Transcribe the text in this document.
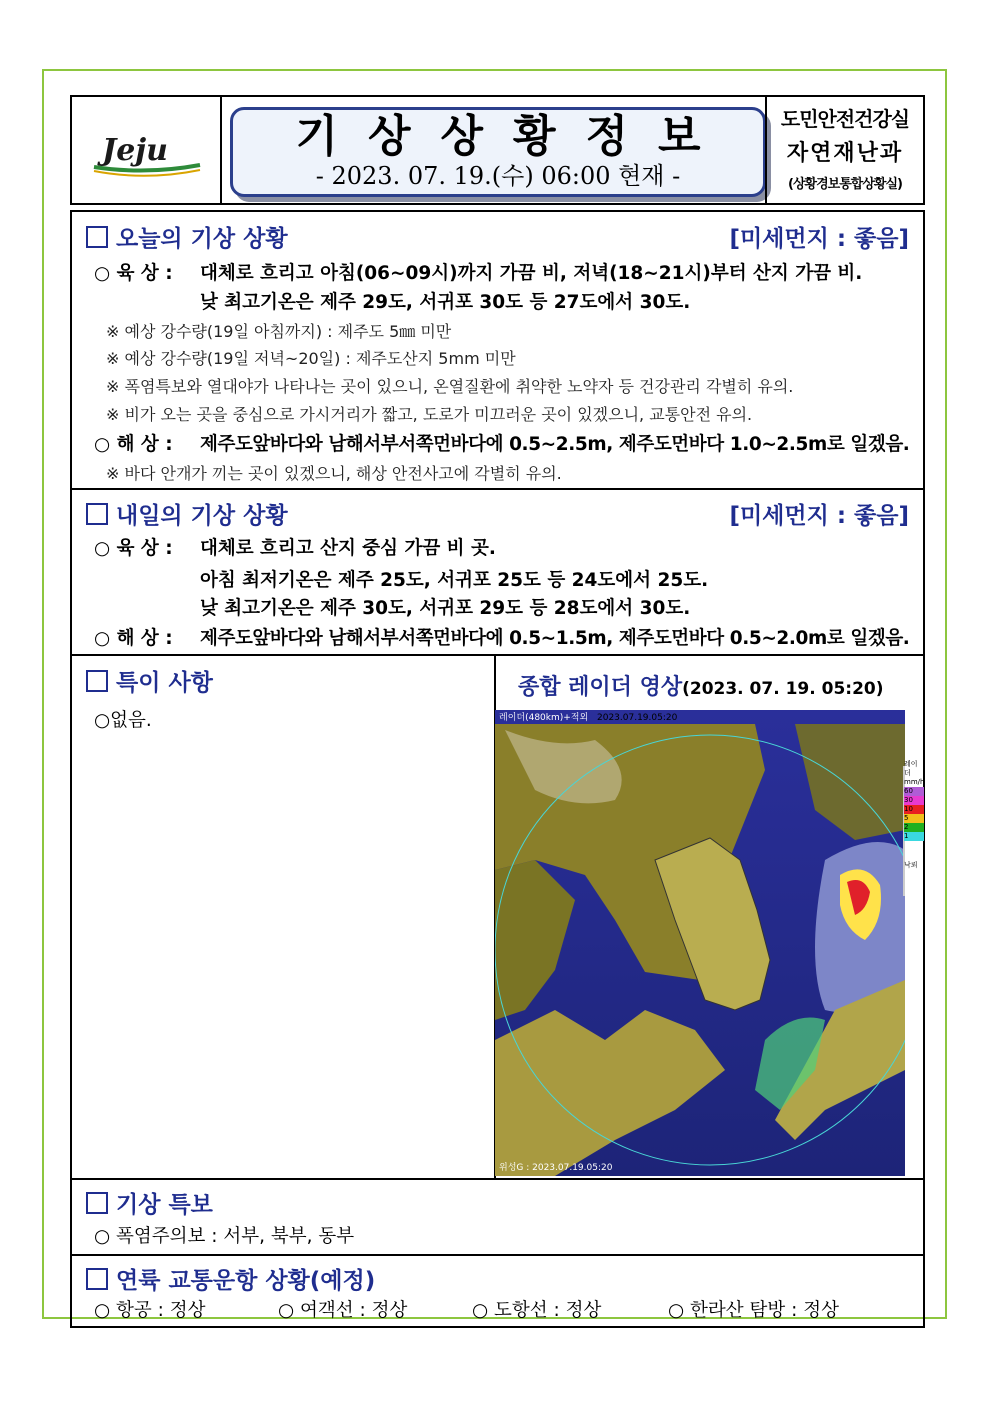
Jeju	기상상황정보
- 2023. 07. 19.(수) 06:00 현재 -
도민안전건강실
자연재난과
(상황경보통합상황실)
오늘의 기상 상황	[미세먼지 : 좋음]
○ 육 상 : 대체로 흐리고 아침(06~09시)까지 가끔 비, 저녁(18~21시)부터 산지 가끔 비.
낮 최고기온은 제주 29도, 서귀포 30도 등 27도에서 30도.
※ 예상 강수량(19일 아침까지) : 제주도 5㎜ 미만
※ 예상 강수량(19일 저녁~20일) : 제주도산지 5mm 미만
※ 폭염특보와 열대야가 나타나는 곳이 있으니, 온열질환에 취약한 노약자 등 건강관리 각별히 유의.
※ 비가 오는 곳을 중심으로 가시거리가 짧고, 도로가 미끄러운 곳이 있겠으니, 교통안전 유의.
○ 해 상 : 제주도앞바다와 남해서부서쪽먼바다에 0.5~2.5m, 제주도먼바다 1.0~2.5m로 일겠음.
※ 바다 안개가 끼는 곳이 있겠으니, 해상 안전사고에 각별히 유의.
내일의 기상 상황	[미세먼지 : 좋음]
○ 육 상 : 대체로 흐리고 산지 중심 가끔 비 곳.
아침 최저기온은 제주 25도, 서귀포 25도 등 24도에서 25도.
낮 최고기온은 제주 30도, 서귀포 29도 등 28도에서 30도.
○ 해 상 : 제주도앞바다와 남해서부서쪽먼바다에 0.5~1.5m, 제주도먼바다 0.5~2.0m로 일겠음.
특이 사항
○없음.
종합 레이더 영상(2023. 07. 19. 05:20)
레이더(480km)+적외 2023.07.19.05:20
위성G : 2023.07.19.05:20
레이더
mm/h
60
30
10
5
2
1
낙뢰
기상 특보
○ 폭염주의보 : 서부, 북부, 동부
연륙 교통운항 상황(예정)
○ 항공 : 정상	○ 여객선 : 정상	○ 도항선 : 정상	○ 한라산 탐방 : 정상
